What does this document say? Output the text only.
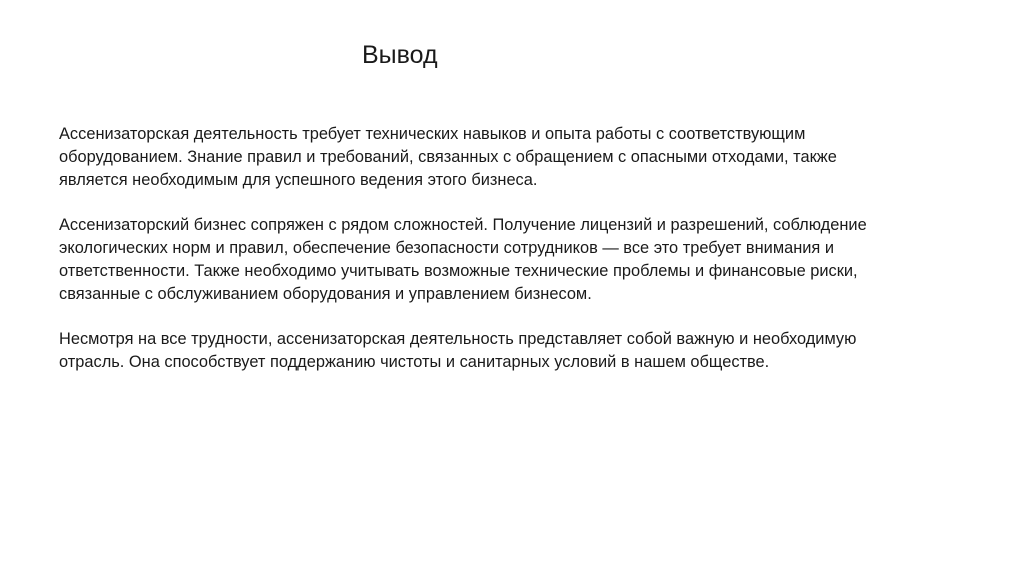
Вывод

Ассенизаторская деятельность требует технических навыков и опыта работы с соответствующим
оборудованием. Знание правил и требований, связанных с обращением с опасными отходами, также
является необходимым для успешного ведения этого бизнеса.

Ассенизаторский бизнес сопряжен с рядом сложностей. Получение лицензий и разрешений, соблюдение
экологических норм и правил, обеспечение безопасности сотрудников — все это требует внимания и
ответственности. Также необходимо учитывать возможные технические проблемы и финансовые риски,
связанные с обслуживанием оборудования и управлением бизнесом.

Несмотря на все трудности, ассенизаторская деятельность представляет собой важную и необходимую
отрасль. Она способствует поддержанию чистоты и санитарных условий в нашем обществе.
